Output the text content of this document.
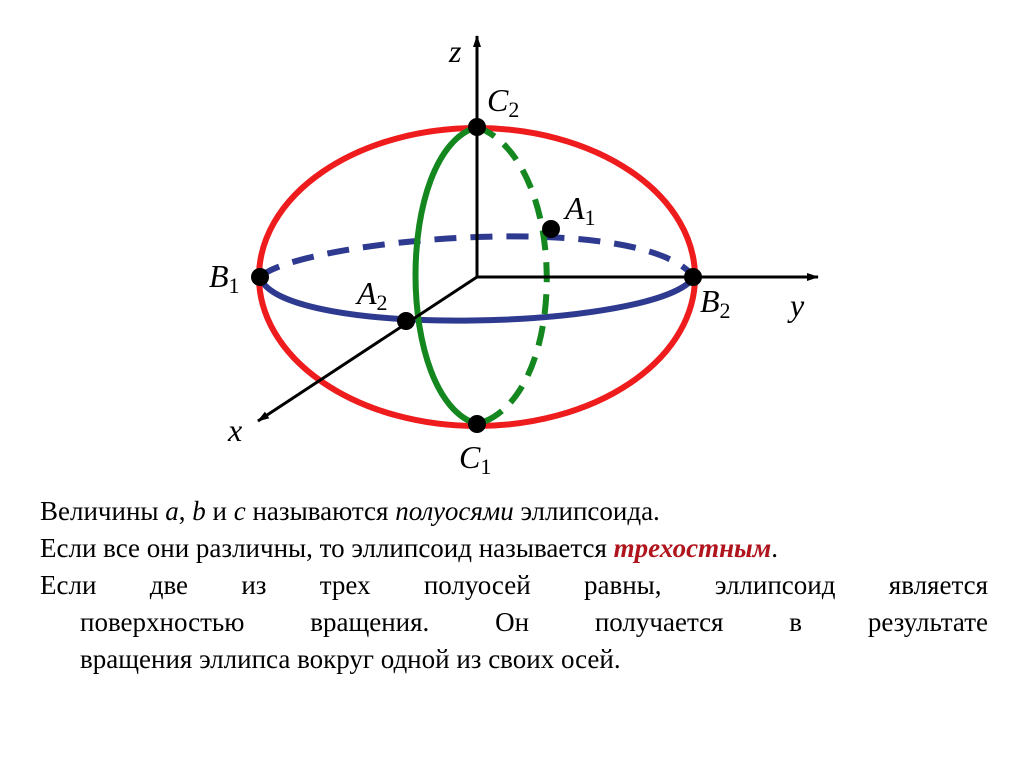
z
y
x
C2
C1
B1	B2
A1
A2
Величины a, b и c называются полуосями эллипсоида.
Если все они различны, то эллипсоид называется трехостным.
Если две из трех полуосей равны, эллипсоид является
поверхностью вращения. Он получается в результате
вращения эллипса вокруг одной из своих осей.
